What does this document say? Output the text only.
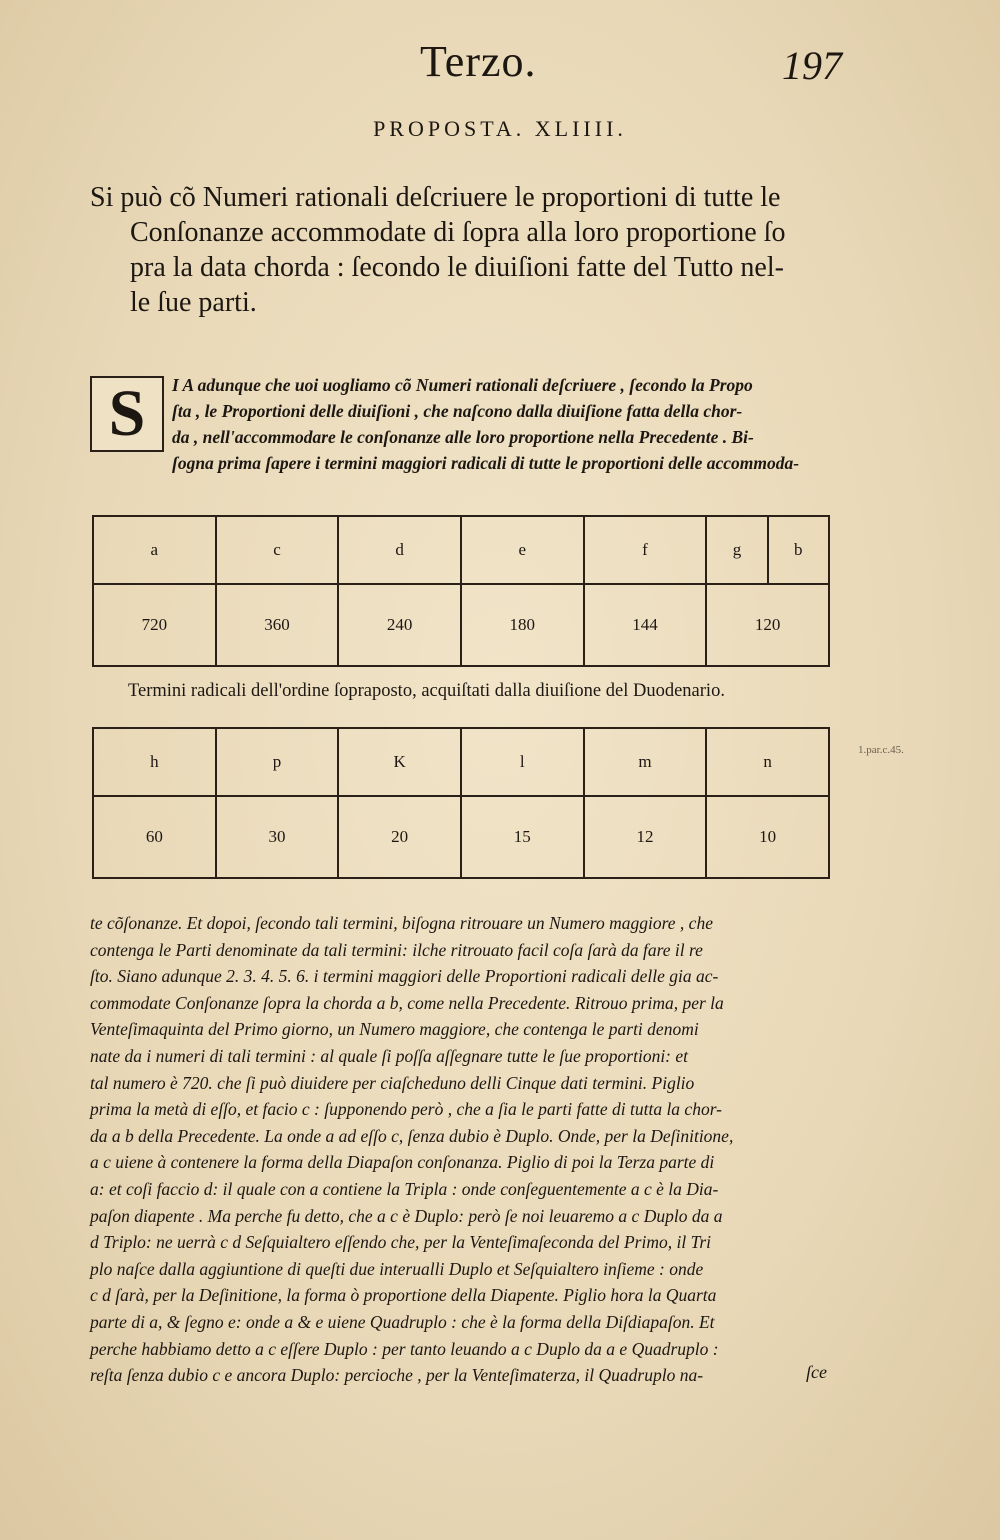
Terzo.	197
PROPOSTA. XLIIII.
Si può cõ Numeri rationali deſcriuere le proportioni di tutte le
Conſonanze accommodate di ſopra alla loro proportione ſo
pra la data chorda : ſecondo le diuiſioni fatte del Tutto nel-
le ſue parti.
S	I A adunque che uoi uogliamo cõ Numeri rationali deſcriuere , ſecondo la Propo
ſta , le Proportioni delle diuiſioni , che naſcono dalla diuiſione fatta della chor-
da , nell'accommodare le conſonanze alle loro proportione nella Precedente . Bi-
ſogna prima ſapere i termini maggiori radicali di tutte le proportioni delle accommoda-
a	c	d	e	f	g	b
720	360	240	180	144	120	
Termini radicali dell'ordine ſopraposto, acquiſtati dalla diuiſione del Duodenario.
h	p	K	l	m	n
60	30	20	15	12	10
1.par.c.45.
te cõſonanze. Et dopoi, ſecondo tali termini, biſogna ritrouare un Numero maggiore , che
contenga le Parti denominate da tali termini: ilche ritrouato facil coſa ſarà da fare il re
ſto. Siano adunque 2. 3. 4. 5. 6. i termini maggiori delle Proportioni radicali delle gia ac-
commodate Conſonanze ſopra la chorda a b, come nella Precedente. Ritrouo prima, per la
Venteſimaquinta del Primo giorno, un Numero maggiore, che contenga le parti denomi
nate da i numeri di tali termini : al quale ſi poſſa aſſegnare tutte le ſue proportioni: et
tal numero è 720. che ſi può diuidere per ciaſcheduno delli Cinque dati termini. Piglio
prima la metà di eſſo, et facio c : ſupponendo però , che a ſia le parti fatte di tutta la chor-
da a b della Precedente. La onde a ad eſſo c, ſenza dubio è Duplo. Onde, per la Deſinitione,
a c uiene à contenere la forma della Diapaſon conſonanza. Piglio di poi la Terza parte di
a: et coſi faccio d: il quale con a contiene la Tripla : onde conſeguentemente a c è la Dia-
paſon diapente . Ma perche fu detto, che a c è Duplo: però ſe noi leuaremo a c Duplo da a
d Triplo: ne uerrà c d Seſquialtero eſſendo che, per la Venteſimaſeconda del Primo, il Tri
plo naſce dalla aggiuntione di queſti due interualli Duplo et Seſquialtero inſieme : onde
c d ſarà, per la Deſinitione, la forma ò proportione della Diapente. Piglio hora la Quarta
parte di a, & ſegno e: onde a & e uiene Quadruplo : che è la forma della Diſdiapaſon. Et
perche habbiamo detto a c eſſere Duplo : per tanto leuando a c Duplo da a e Quadruplo :
reſta ſenza dubio c e ancora Duplo: percioche , per la Venteſimaterza, il Quadruplo na-	ſce
